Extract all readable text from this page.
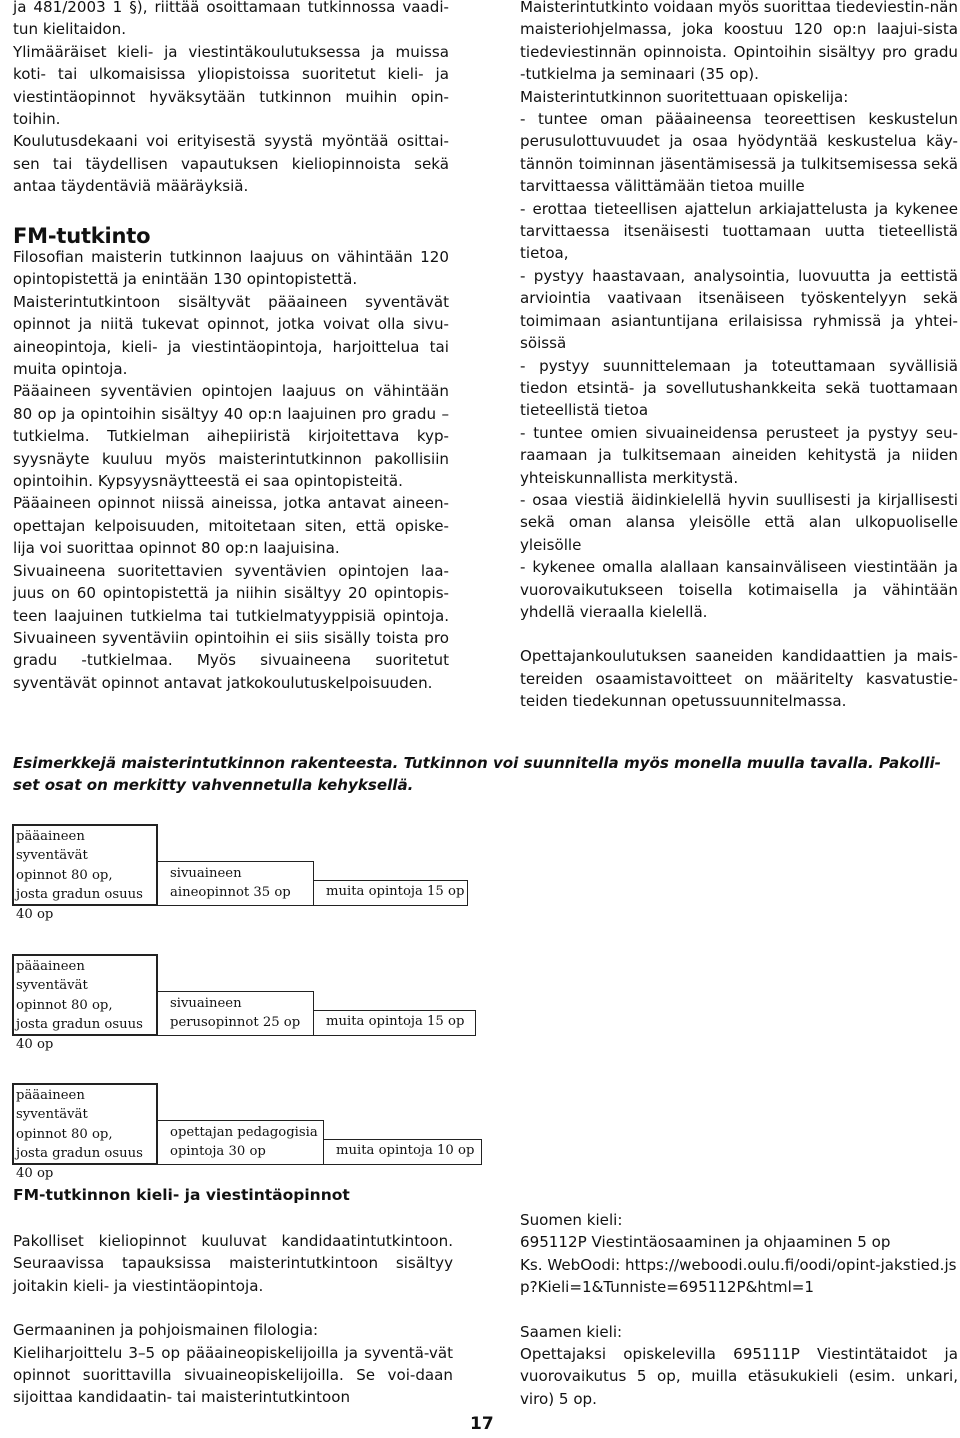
ja 481/2003 1 §), riittää osoittamaan tutkinnossa vaadi-tun kielitaidon.

Ylimääräiset kieli- ja viestintäkoulutuksessa ja muissa koti- tai ulkomaisissa yliopistoissa suoritetut kieli- ja viestintäopinnot hyväksytään tutkinnon muihin opin-toihin.

Koulutusdekaani voi erityisestä syystä myöntää osittai-sen tai täydellisen vapautuksen kieliopinnoista sekä antaa täydentäviä määräyksiä.

FM-tutkinto

Filosofian maisterin tutkinnon laajuus on vähintään 120 opintopistettä ja enintään 130 opintopistettä.

Maisterintutkintoon sisältyvät pääaineen syventävät opinnot ja niitä tukevat opinnot, jotka voivat olla sivu-aineopintoja, kieli- ja viestintäopintoja, harjoittelua tai muita opintoja.

Pääaineen syventävien opintojen laajuus on vähintään 80 op ja opintoihin sisältyy 40 op:n laajuinen pro gradu –tutkielma. Tutkielman aihepiiristä kirjoitettava kyp-syysnäyte kuuluu myös maisterintutkinnon pakollisiin opintoihin. Kypsyysnäytteestä ei saa opintopisteitä.

Pääaineen opinnot niissä aineissa, jotka antavat aineen-opettajan kelpoisuuden, mitoitetaan siten, että opiske-lija voi suorittaa opinnot 80 op:n laajuisina.

Sivuaineena suoritettavien syventävien opintojen laa-juus on 60 opintopistettä ja niihin sisältyy 20 opintopis-teen laajuinen tutkielma tai tutkielmatyyppisiä opintoja. Sivuaineen syventäviin opintoihin ei siis sisälly toista pro gradu -tutkielmaa. Myös sivuaineena suoritetut syventävät opinnot antavat jatkokoulutuskelpoisuuden.

Maisterintutkinto voidaan myös suorittaa tiedeviestin-nän maisteriohjelmassa, joka koostuu 120 op:n laajui-sista tiedeviestinnän opinnoista. Opintoihin sisältyy pro gradu -tutkielma ja seminaari (35 op).

Maisterintutkinnon suoritettuaan opiskelija:

- tuntee oman pääaineensa teoreettisen keskustelun perusulottuvuudet ja osaa hyödyntää keskustelua käy-tännön toiminnan jäsentämisessä ja tulkitsemisessa sekä tarvittaessa välittämään tietoa muille

- erottaa tieteellisen ajattelun arkiajattelusta ja kykenee tarvittaessa itsenäisesti tuottamaan uutta tieteellistä tietoa,

- pystyy haastavaan, analysointia, luovuutta ja eettistä arviointia vaativaan itsenäiseen työskentelyyn sekä toimimaan asiantuntijana erilaisissa ryhmissä ja yhtei-söissä

- pystyy suunnittelemaan ja toteuttamaan syvällisiä tiedon etsintä- ja sovellutushankkeita sekä tuottamaan tieteellistä tietoa

- tuntee omien sivuaineidensa perusteet ja pystyy seu-raamaan ja tulkitsemaan aineiden kehitystä ja niiden yhteiskunnallista merkitystä.

- osaa viestiä äidinkielellä hyvin suullisesti ja kirjallisesti sekä oman alansa yleisölle että alan ulkopuoliselle yleisölle

- kykenee omalla alallaan kansainväliseen viestintään ja vuorovaikutukseen toisella kotimaisella ja vähintään yhdellä vieraalla kielellä.

Opettajankoulutuksen saaneiden kandidaattien ja mais-tereiden osaamistavoitteet on määritelty kasvatustie-teiden tiedekunnan opetussuunnitelmassa.

Esimerkkejä maisterintutkinnon rakenteesta. Tutkinnon voi suunnitella myös monella muulla tavalla. Pakolli-set osat on merkitty vahvennetulla kehyksellä.

pääaineen syventävät
opinnot 80 op,
josta gradun osuus
40 op
sivuaineen
aineopinnot 35 op	muita opintoja 15 op
pääaineen syventävät
opinnot 80 op,
josta gradun osuus
40 op
sivuaineen
perusopinnot 25 op	muita opintoja 15 op
pääaineen syventävät
opinnot 80 op,
josta gradun osuus
40 op
opettajan pedagogisia
opintoja 30 op	muita opintoja 10 op
FM-tutkinnon kieli- ja viestintäopinnot

Pakolliset kieliopinnot kuuluvat kandidaatintutkintoon. Seuraavissa tapauksissa maisterintutkintoon sisältyy joitakin kieli- ja viestintäopintoja.

Germaaninen ja pohjoismainen filologia:

Kieliharjoittelu 3–5 op pääaineopiskelijoilla ja syventä-vät opinnot suorittavilla sivuaineopiskelijoilla. Se voi-daan sijoittaa kandidaatin- tai maisterintutkintoon

Suomen kieli:

695112P Viestintäosaaminen ja ohjaaminen 5 op

Ks. WebOodi: https://weboodi.oulu.fi/oodi/opint-jakstied.jsp?Kieli=1&Tunniste=695112P&html=1

Saamen kieli:

Opettajaksi opiskelevilla 695111P Viestintätaidot ja vuorovaikutus 5 op, muilla etäsukukieli (esim. unkari, viro) 5 op.

17
